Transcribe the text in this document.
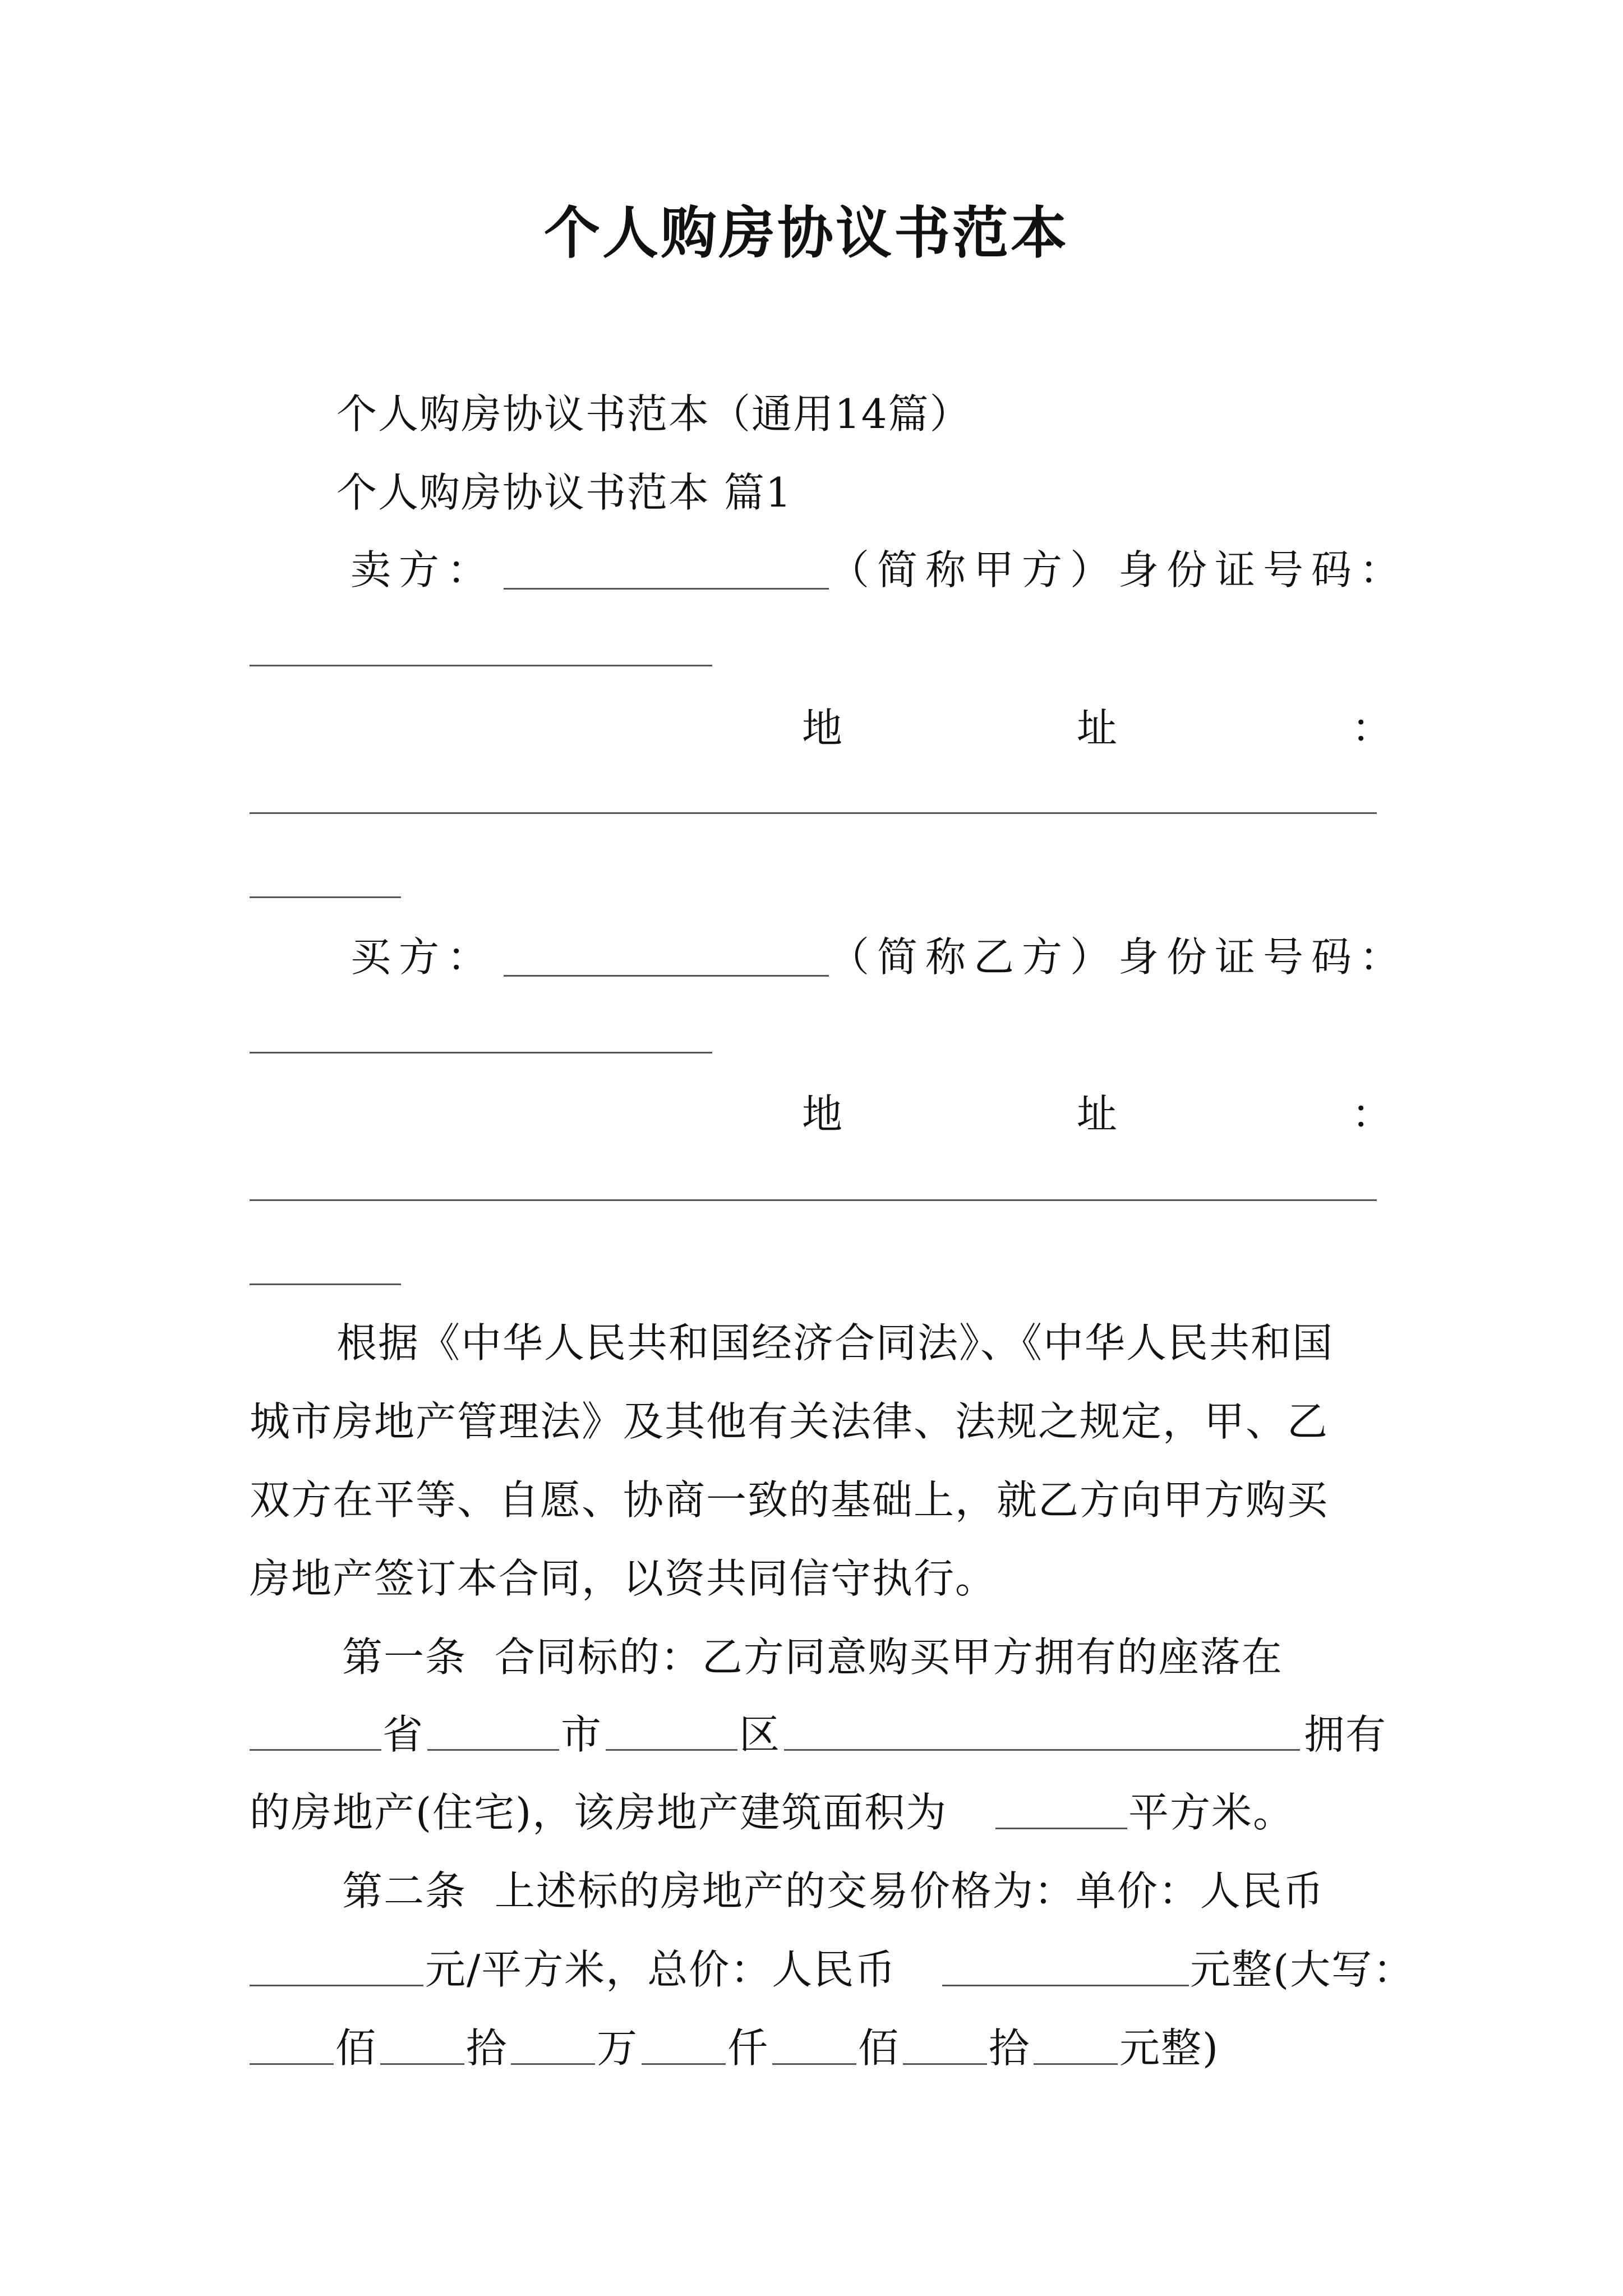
个人购房协议书范本
个人购房协议书范本（通用14篇）
个人购房协议书范本 篇1
卖方：	（简称甲方）身份证号码：
地	址	：
买方：	（简称乙方）身份证号码：
地	址	：
根据《中华人民共和国经济合同法》、《中华人民共和国
城市房地产管理法》及其他有关法律、法规之规定，甲、乙
双方在平等、自愿、协商一致的基础上，就乙方向甲方购买
房地产签订本合同，以资共同信守执行。
第一条  合同标的：乙方同意购买甲方拥有的座落在
省	市	区	拥有
的房地产(住宅)，该房地产建筑面积为	平方米。
第二条  上述标的房地产的交易价格为：单价：人民币
元/平方米，总价：人民币	元整(大写：
佰 拾 万 仟 佰 拾 元整)
